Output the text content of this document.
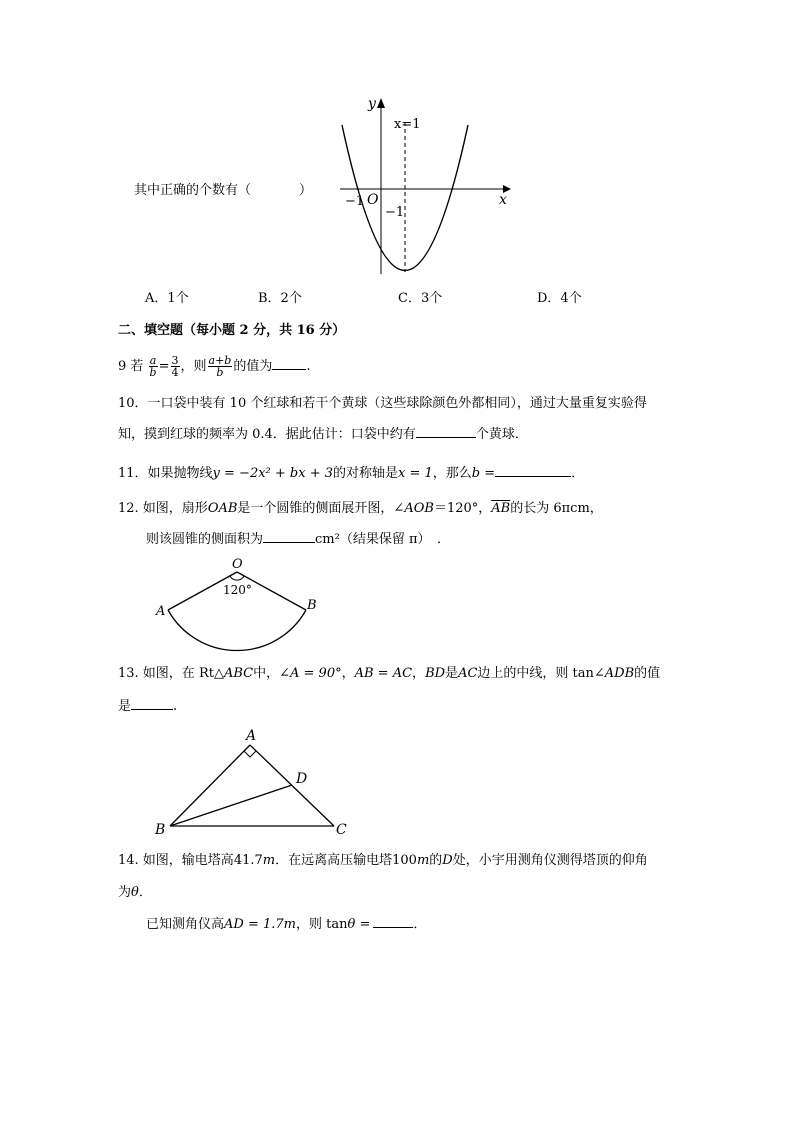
其中正确的个数有（	）
y
x
x=1
−1 O
−1
A．1个	B．2个	C．3个	D．4个
二、填空题（每小题 2 分，共 16 分）
9 若 $\frac{a}{b} = \frac{3}{4}$ ，则 $\frac{a+b}{b}$ 的值为	.
10．一口袋中装有 10 个红球和若干个黄球（这些球除颜色外都相同），通过大量重复实验得
知，摸到红球的频率为 0.4．据此估计：口袋中约有	个黄球．
11．如果抛物线y = −2x² + bx + 3的对称轴是x = 1，那么b =	．
12. 如图，扇形OAB是一个圆锥的侧面展开图，∠AOB＝120°，$\overline{AB}$的长为 6πcm，
则该圆锥的侧面积为	cm²（结果保留 π）　．
O
120°
A	B
13. 如图，在 Rt△ABC中，∠A = 90°，AB = AC，BD是AC边上的中线，则 tan∠ADB的值
是	.
A
B	C
D
14. 如图，输电塔高41.7m．在远离高压输电塔100m的D处，小宇用测角仪测得塔顶的仰角
为θ．
已知测角仪高AD = 1.7m，则 tanθ =	．
